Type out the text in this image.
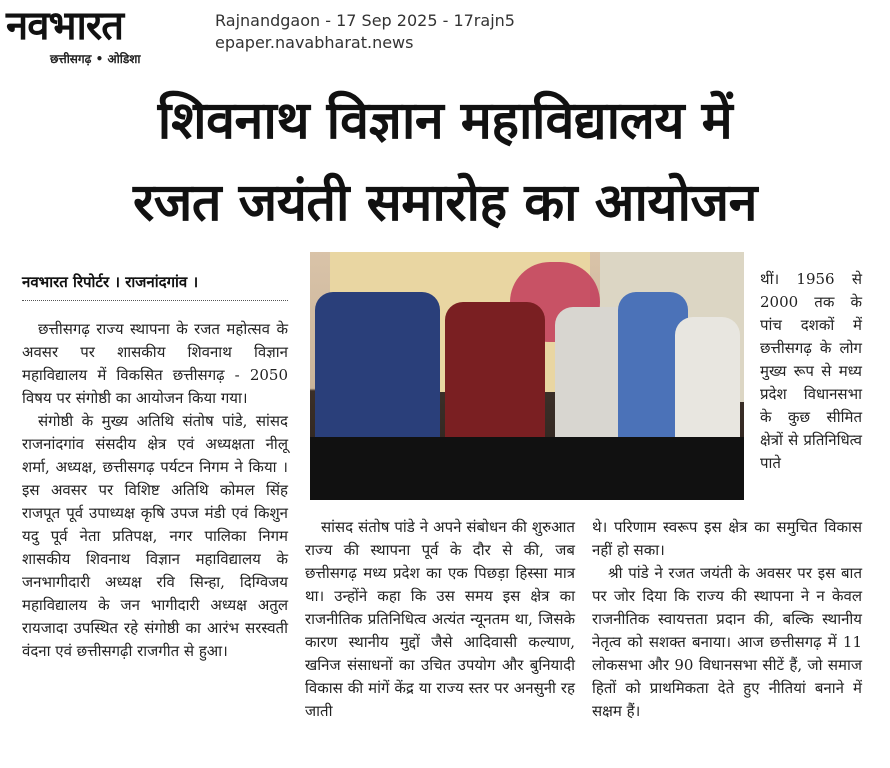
नवभारत
छत्तीसगढ़ • ओडिशा
Rajnandgaon - 17 Sep 2025 - 17rajn5
epaper.navabharat.news
शिवनाथ विज्ञान महाविद्यालय में
रजत जयंती समारोह का आयोजन
नवभारत रिपोर्टर । राजनांदगांव ।

छत्तीसगढ़ राज्य स्थापना के रजत महोत्सव के अवसर पर शासकीय शिवनाथ विज्ञान महाविद्यालय में विकसित छत्तीसगढ़ - 2050 विषय पर संगोष्ठी का आयोजन किया गया।

संगोष्ठी के मुख्य अतिथि संतोष पांडे, सांसद राजनांदगांव संसदीय क्षेत्र एवं अध्यक्षता नीलू शर्मा, अध्यक्ष, छत्तीसगढ़ पर्यटन निगम ने किया । इस अवसर पर विशिष्ट अतिथि कोमल सिंह राजपूत पूर्व उपाध्यक्ष कृषि उपज मंडी एवं किशुन यदु पूर्व नेता प्रतिपक्ष, नगर पालिका निगम शासकीय शिवनाथ विज्ञान महाविद्यालय के जनभागीदारी अध्यक्ष रवि सिन्हा, दिग्विजय महाविद्यालय के जन भागीदारी अध्यक्ष अतुल रायजादा उपस्थित रहे संगोष्ठी का आरंभ सरस्वती वंदना एवं छत्तीसगढ़ी राजगीत से हुआ।

थीं। 1956 से 2000 तक के पांच दशकों में छत्तीसगढ़ के लोग मुख्य रूप से मध्य प्रदेश विधानसभा के कुछ सीमित क्षेत्रों से प्रतिनिधित्व पाते

सांसद संतोष पांडे ने अपने संबोधन की शुरुआत राज्य की स्थापना पूर्व के दौर से की, जब छत्तीसगढ़ मध्य प्रदेश का एक पिछड़ा हिस्सा मात्र था। उन्होंने कहा कि उस समय इस क्षेत्र का राजनीतिक प्रतिनिधित्व अत्यंत न्यूनतम था, जिसके कारण स्थानीय मुद्दों जैसे आदिवासी कल्याण, खनिज संसाधनों का उचित उपयोग और बुनियादी विकास की मांगें केंद्र या राज्य स्तर पर अनसुनी रह जाती

थे। परिणाम स्वरूप इस क्षेत्र का समुचित विकास नहीं हो सका।

श्री पांडे ने रजत जयंती के अवसर पर इस बात पर जोर दिया कि राज्य की स्थापना ने न केवल राजनीतिक स्वायत्तता प्रदान की, बल्कि स्थानीय नेतृत्व को सशक्त बनाया। आज छत्तीसगढ़ में 11 लोकसभा और 90 विधानसभा सीटें हैं, जो समाज हितों को प्राथमिकता देते हुए नीतियां बनाने में सक्षम हैं।
